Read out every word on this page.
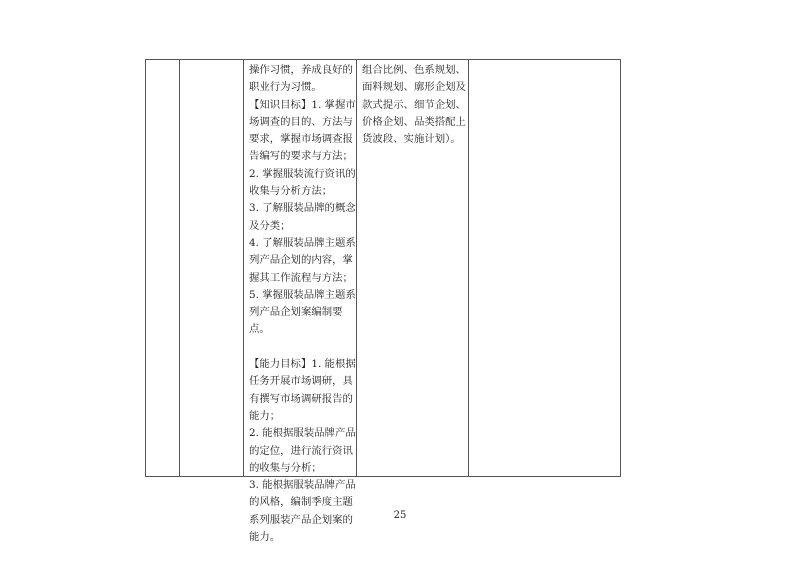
操作习惯，养成良好的
职业行为习惯。
【知识目标】1. 掌握市
场调查的目的、方法与
要求，掌握市场调查报
告编写的要求与方法；
2. 掌握服装流行资讯的
收集与分析方法；
3. 了解服装品牌的概念
及分类；
4. 了解服装品牌主题系
列产品企划的内容，掌
握其工作流程与方法；
5. 掌握服装品牌主题系
列产品企划案编制要
点。
【能力目标】1. 能根据
任务开展市场调研，具
有撰写市场调研报告的
能力；
2. 能根据服装品牌产品
的定位，进行流行资讯
的收集与分析；
3. 能根据服装品牌产品
的风格，编制季度主题
系列服装产品企划案的
能力。
组合比例、色系规划、
面料规划、廓形企划及
款式提示、细节企划、
价格企划、品类搭配上
货波段、实施计划）。
25
